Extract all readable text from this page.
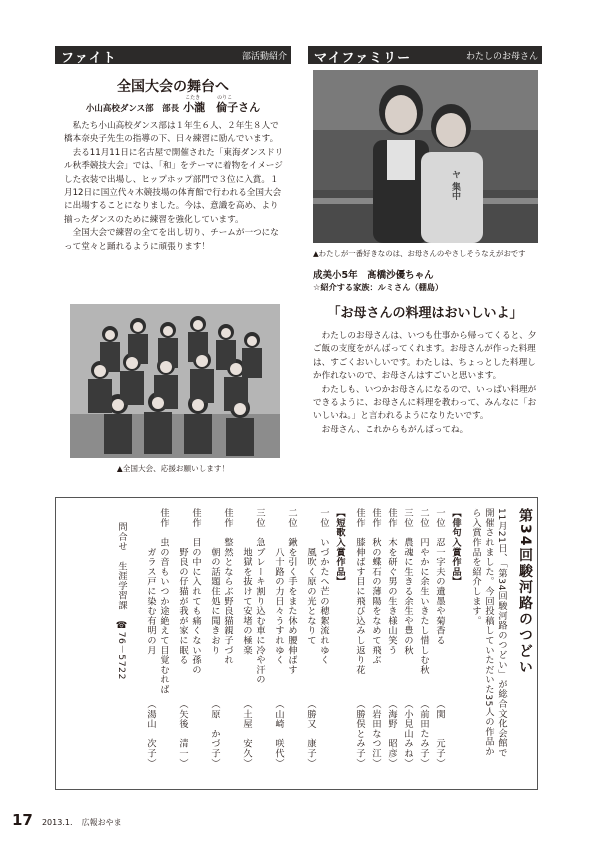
ファイト	部活動紹介
全国大会の舞台へ
小山高校ダンス部　部長
こたき	のりこ
小瀧　倫子さん

私たち小山高校ダンス部は１年生６人、２年生８人で橋本奈央子先生の指導の下、日々練習に励んでいます。

去る11月11日に名古屋で開催された「東海ダンスドリル秋季競技大会」では、「和」をテーマに着物をイメージした衣装で出場し、ヒップホップ部門で３位に入賞。１月12日に国立代々木競技場の体育館で行われる全国大会に出場することになりました。今は、意識を高め、より揃ったダンスのために練習を強化しています。

全国大会で練習の全てを出し切り、チームが一つになって堂々と踊れるように頑張ります！

▲全国大会、応援お願いします！
マイファミリー	わたしのお母さん
ヤ 集中
▲わたしが一番好きなのは、お母さんのやさしそうなえがおです
成美小5年　髙橋沙優ちゃん
☆紹介する家族：ルミさん（棚島）
「お母さんの料理はおいしいよ」

わたしのお母さんは、いつも仕事から帰ってくると、夕ご飯の支度をがんばってくれます。お母さんが作った料理は、すごくおいしいです。わたしは、ちょっとした料理しか作れないので、お母さんはすごいと思います。

わたしも、いつかお母さんになるので、いっぱい料理ができるように、お母さんに料理を教わって、みんなに「おいしいね。」と言われるようになりたいです。

お母さん、これからもがんばってね。

第34回駿河路のつどい
11月21日、「第34回駿河路のつどい」が総合文化会館で
開催されました。今回投稿していただいた35人の作品か
ら入賞作品を紹介します。
【俳句入賞作品】
一位　忍一字夫の遺墨や菊香る　　　　　　（関　　元子）
二位　円やかに余生いきたし惜しむ秋　　　（前田たみ子）
三位　農魂に生きる余生や豊の秋　　　　　（小見山みね）
佳作　木を研ぐ男の生き様山笑う　　　　　（海野　昭彦）
佳作　秋の蝶石の薄陽をなめて飛ぶ　　　　（岩田なつ江）
佳作　膝伸ばす目に飛び込みし返り花　　　（勝俣とみ子）
【短歌入賞作品】
一位　いづかたへ芒の穂絮流れゆく
　　　　風吹く原の光となりて　　　　　　（勝又　康子）
二位　鍬を引く手をまた休め腰伸ばす
　　　　八十路の力日々うすれゆく　　　　（山崎　咲代）
三位　急ブレーキ割り込む車に冷や汗の
　　　　地獄を抜けて安堵の極楽　　　　　（土屋　安久）
佳作　整然とならぶ野良猫親子づれ
　　　　朝の話題住処に聞きおり　　　　　（原　かづ子）
佳作　目の中に入れても痛くない孫の
　　　　野良の仔猫が我が家に眠る　　　　（矢後　清一）
佳作　虫の音もいつか途絶えて目覚むれば
　　　　ガラス戸に染む有明の月　　　　　（湯山　次子）
問合せ　生涯学習課　☎76－5722
17 2013.1. 広報おやま
